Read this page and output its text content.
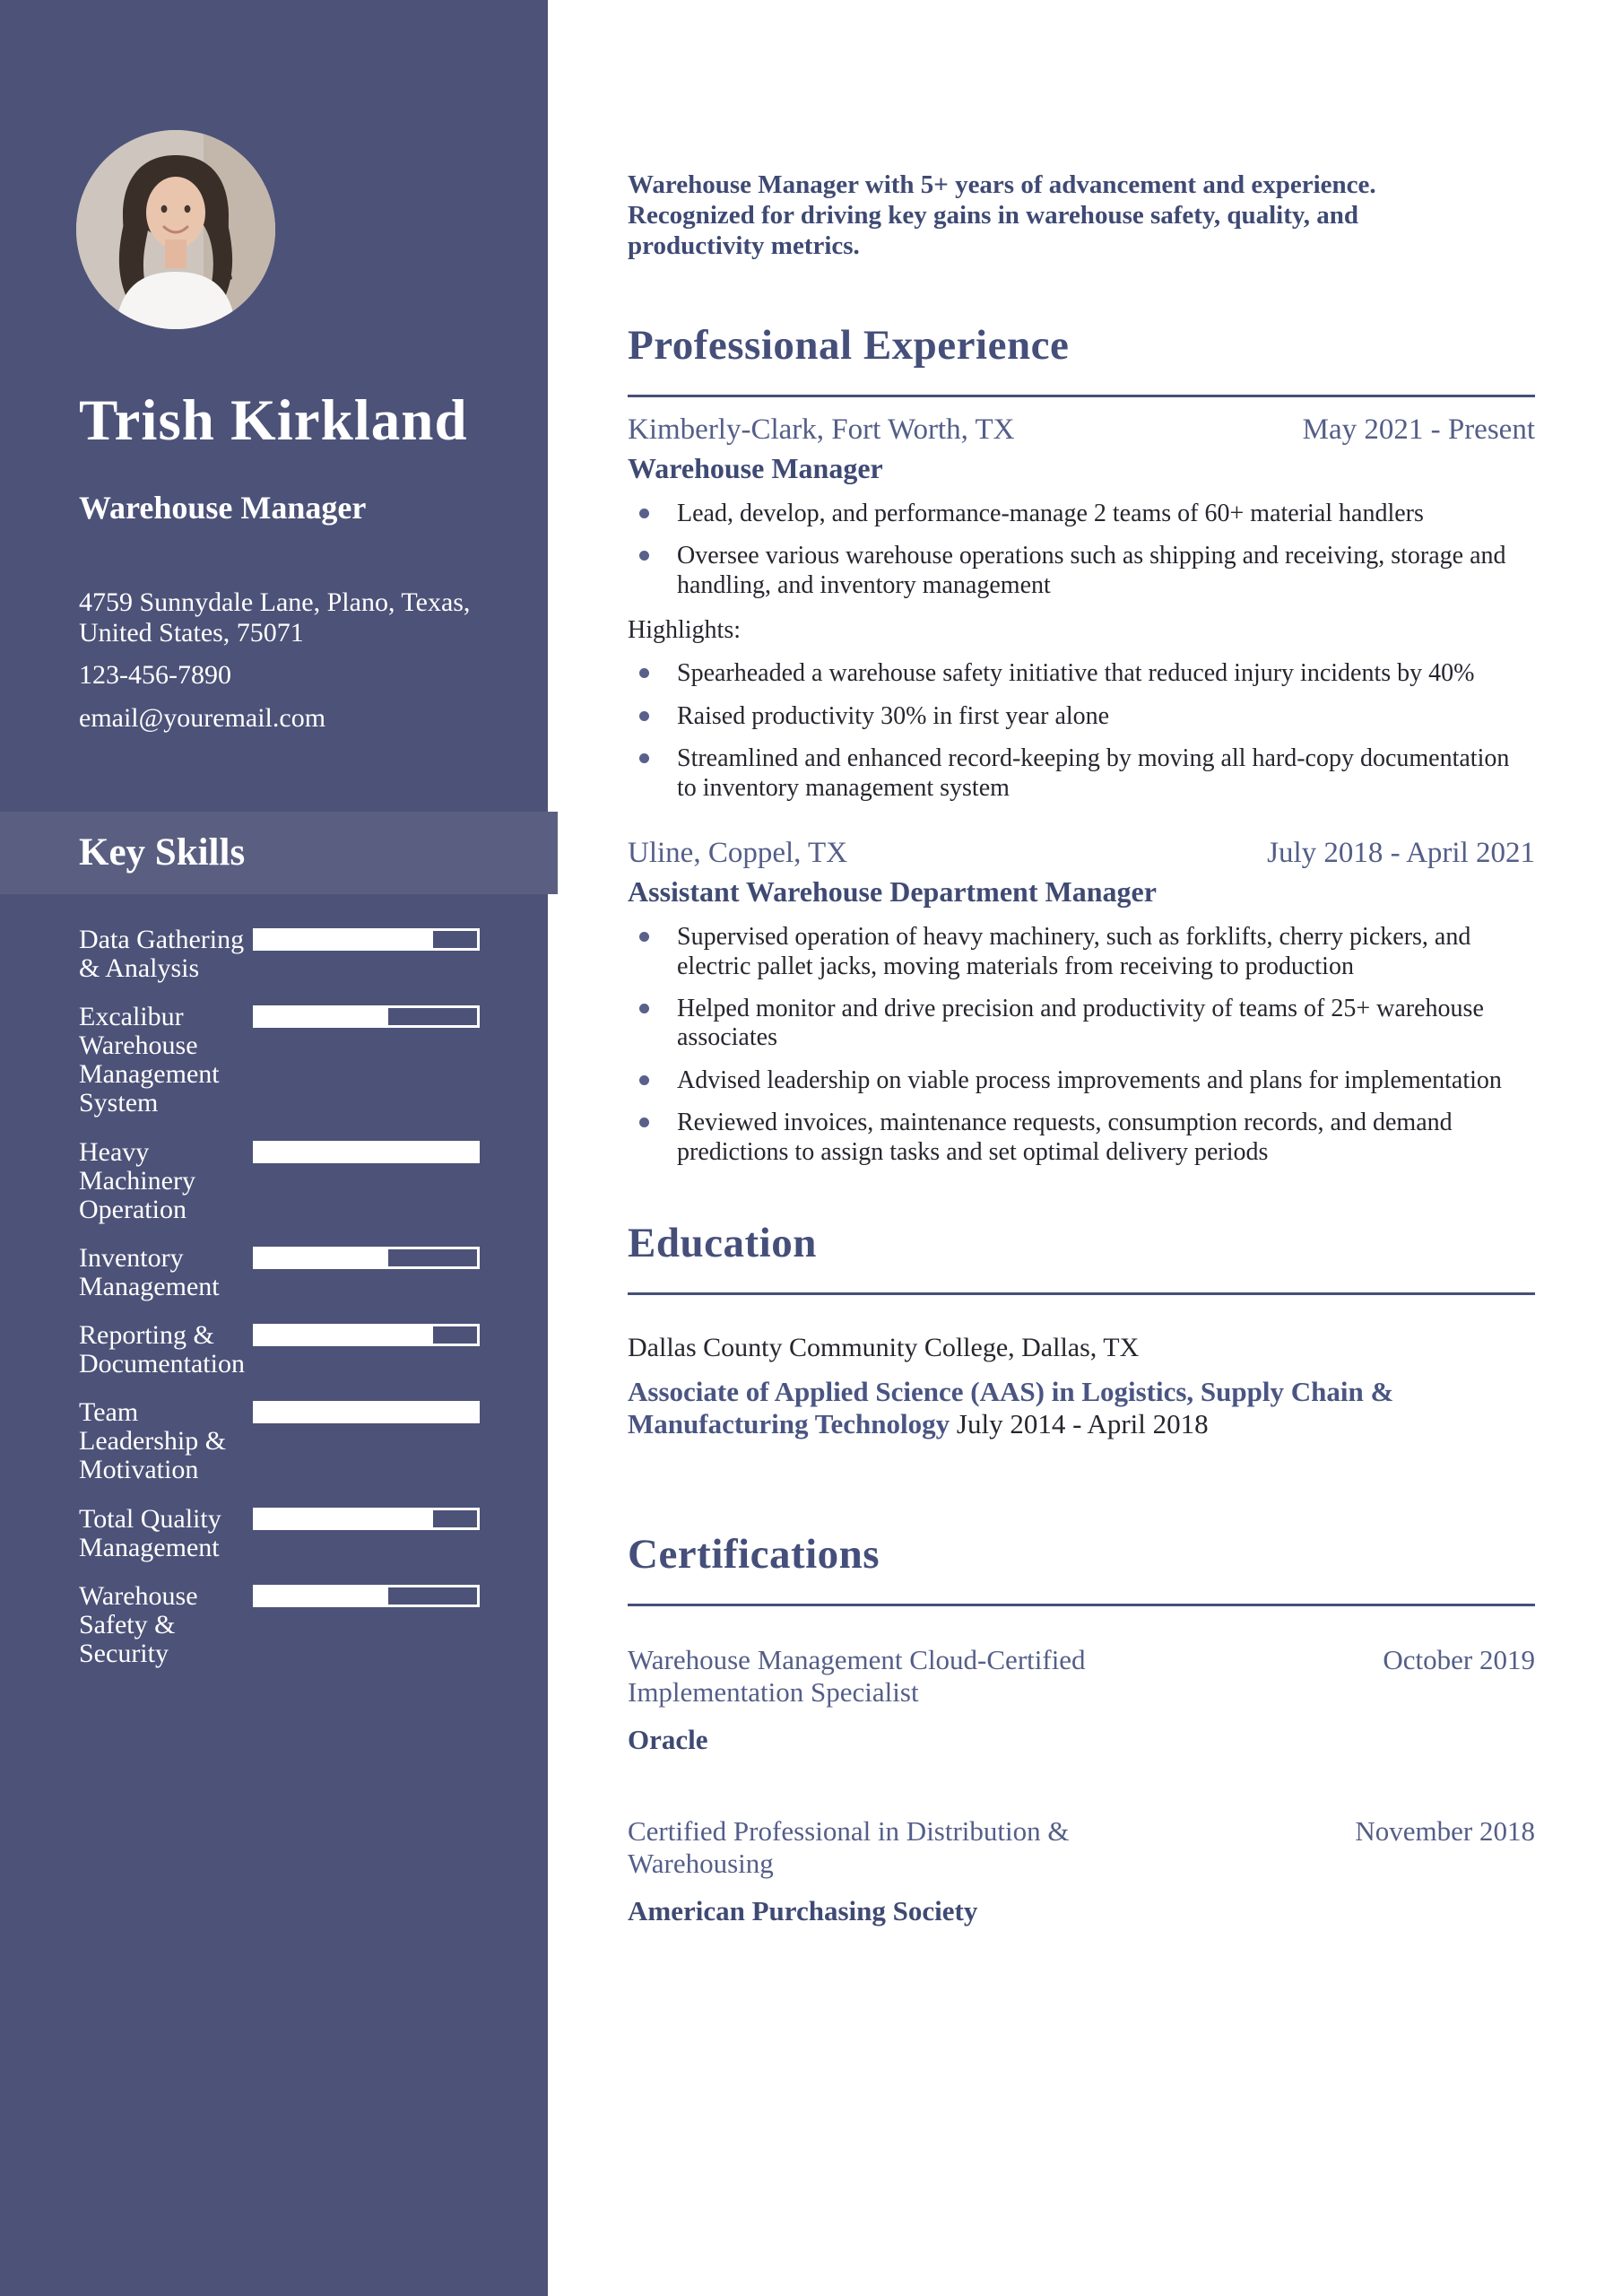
Trish Kirkland
Warehouse Manager
4759 Sunnydale Lane, Plano, Texas, United States, 75071
123-456-7890
email@youremail.com
Key Skills
Data Gathering & Analysis
Excalibur Warehouse Management System
Heavy Machinery Operation
Inventory Management
Reporting & Documentation
Team Leadership & Motivation
Total Quality Management
Warehouse Safety & Security

Warehouse Manager with 5+ years of advancement and experience. Recognized for driving key gains in warehouse safety, quality, and productivity metrics.

Professional Experience
Kimberly-Clark, Fort Worth, TX	May 2021 - Present
Warehouse Manager
Lead, develop, and performance-manage 2 teams of 60+ material handlers
Oversee various warehouse operations such as shipping and receiving, storage and handling, and inventory management

Highlights:

Spearheaded a warehouse safety initiative that reduced injury incidents by 40%
Raised productivity 30% in first year alone
Streamlined and enhanced record-keeping by moving all hard-copy documentation to inventory management system
Uline, Coppel, TX	July 2018 - April 2021
Assistant Warehouse Department Manager
Supervised operation of heavy machinery, such as forklifts, cherry pickers, and electric pallet jacks, moving materials from receiving to production
Helped monitor and drive precision and productivity of teams of 25+ warehouse associates
Advised leadership on viable process improvements and plans for implementation
Reviewed invoices, maintenance requests, consumption records, and demand predictions to assign tasks and set optimal delivery periods
Education
Dallas County Community College, Dallas, TX

Associate of Applied Science (AAS) in Logistics, Supply Chain & Manufacturing Technology July 2014 - April 2018

Certifications
Warehouse Management Cloud-Certified Implementation Specialist
October 2019
Oracle
Certified Professional in Distribution & Warehousing
November 2018
American Purchasing Society
